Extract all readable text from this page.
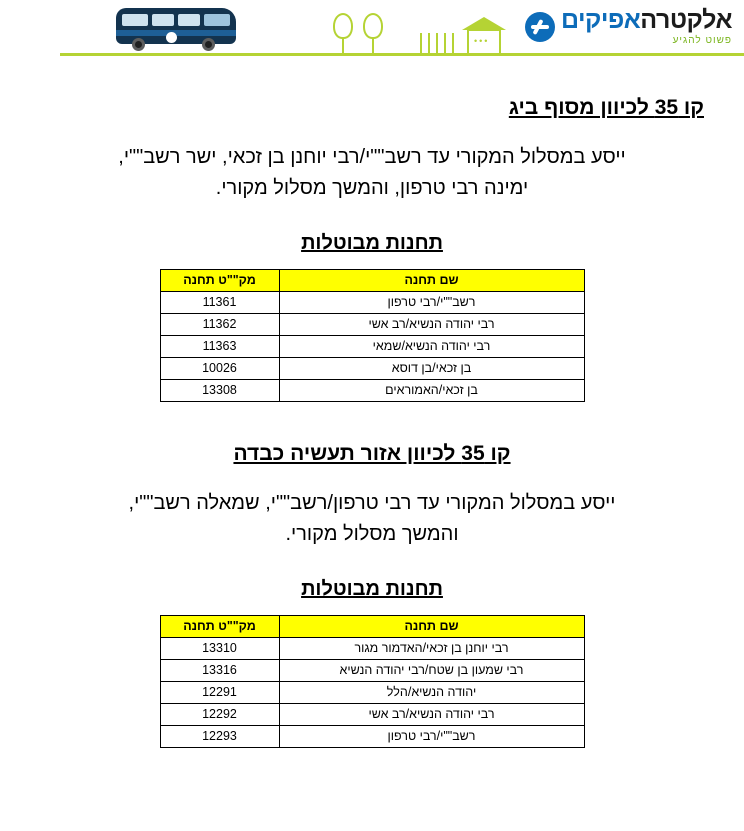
•••
אלקטרהאפיקים
פשוט להגיע
קו 35 לכיוון מסוף ביג
ייסע במסלול המקורי עד רשב""י/רבי יוחנן בן זכאי, ישר רשב""י, ימינה רבי טרפון, והמשך מסלול מקורי.
תחנות מבוטלות
שם תחנה	מק""ט תחנה
רשב""י/רבי טרפון	11361
רבי יהודה הנשיא/רב אשי	11362
רבי יהודה הנשיא/שמאי	11363
בן זכאי/בן דוסא	10026
בן זכאי/האמוראים	13308
קו 35 לכיוון אזור תעשיה כבדה
ייסע במסלול המקורי עד רבי טרפון/רשב""י, שמאלה רשב""י, והמשך מסלול מקורי.
תחנות מבוטלות
שם תחנה	מק""ט תחנה
רבי יוחנן בן זכאי/האדמור מגור	13310
רבי שמעון בן שטח/רבי יהודה הנשיא	13316
יהודה הנשיא/הלל	12291
רבי יהודה הנשיא/רב אשי	12292
רשב""י/רבי טרפון	12293
